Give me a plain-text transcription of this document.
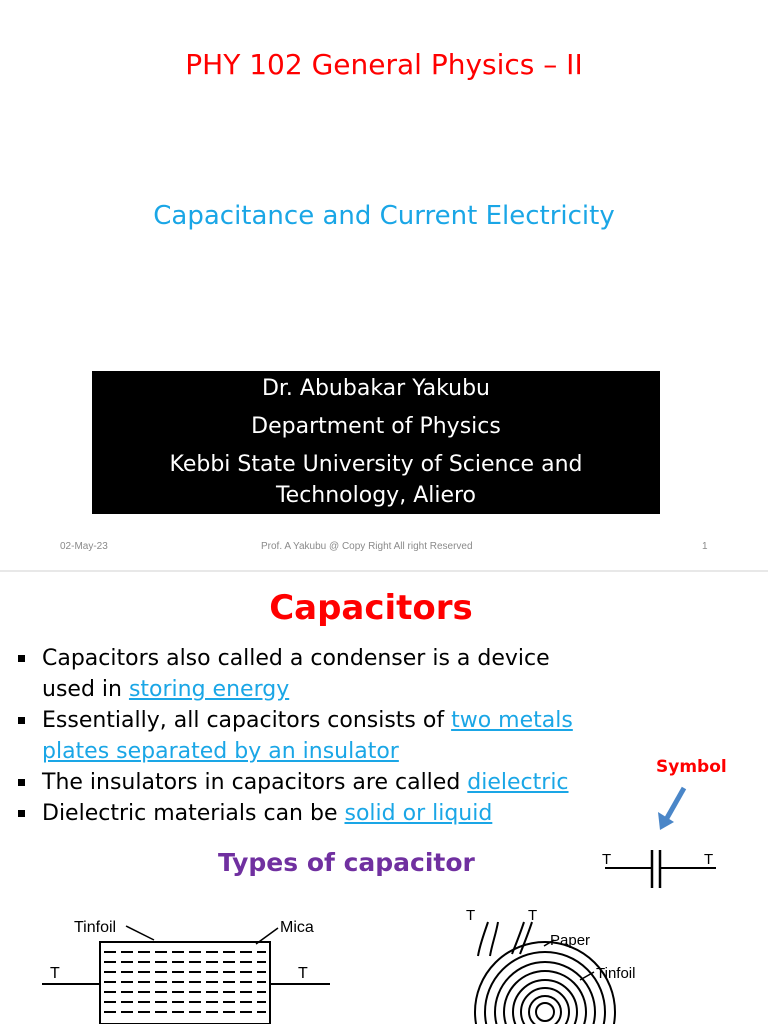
PHY 102 General Physics – II
Capacitance and Current Electricity
Dr. Abubakar Yakubu
Department of Physics
Kebbi State University of Science and
Technology, Aliero
02-May-23	Prof. A Yakubu @ Copy Right All right Reserved	1
Capacitors
Capacitors also called a condenser is a device
used in storing energy
Essentially, all capacitors consists of two metals
plates separated by an insulator
The insulators in capacitors are called dielectric
Dielectric materials can be solid or liquid
Symbol
T	T
Types of capacitor
Tinfoil	Mica
T	T
T	T
Paper
Tinfoil
